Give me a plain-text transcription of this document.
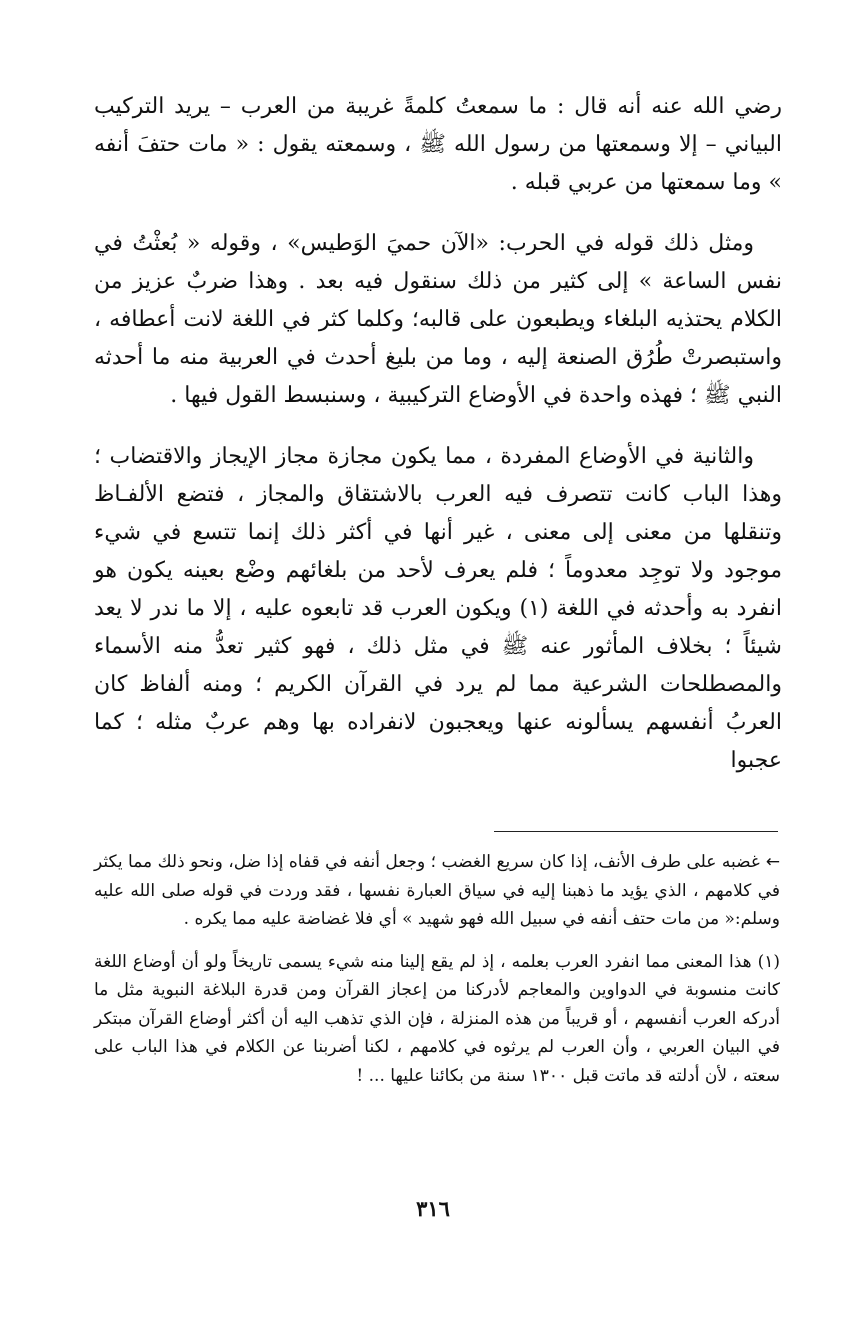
رضي الله عنه أنه قال : ما سمعتُ كلمةً غريبة من العرب – يريد التركيب البياني – إلا وسمعتها من رسول الله ﷺ ، وسمعته يقول : « مات حتفَ أنفه » وما سمعتها من عربي قبله .

ومثل ذلك قوله في الحرب: «الآن حميَ الوَطيس» ، وقوله « بُعثْتُ في نفس الساعة » إلى كثير من ذلك سنقول فيه بعد . وهذا ضربٌ عزيز من الكلام يحتذيه البلغاء ويطبعون على قالبه؛ وكلما كثر في اللغة لانت أعطافه ، واستبصرتْ طُرُق الصنعة إليه ، وما من بليغ أحدث في العربية منه ما أحدثه النبي ﷺ ؛ فهذه واحدة في الأوضاع التركيبية ، وسنبسط القول فيها .

والثانية في الأوضاع المفردة ، مما يكون مجازة مجاز الإيجاز والاقتضاب ؛ وهذا الباب كانت تتصرف فيه العرب بالاشتقاق والمجاز ، فتضع الألفـاظ وتنقلها من معنى إلى معنى ، غير أنها في أكثر ذلك إنما تتسع في شيء موجود ولا توجِد معدوماً ؛ فلم يعرف لأحد من بلغائهم وضْع بعينه يكون هو انفرد به وأحدثه في اللغة (١) ويكون العرب قد تابعوه عليه ، إلا ما ندر لا يعد شيئاً ؛ بخلاف المأثور عنه ﷺ في مثل ذلك ، فهو كثير تعدُّ منه الأسماء والمصطلحات الشرعية مما لم يرد في القرآن الكريم ؛ ومنه ألفاظ كان العربُ أنفسهم يسألونه عنها ويعجبون لانفراده بها وهم عربٌ مثله ؛ كما عجبوا

←غضبه على طرف الأنف، إذا كان سريع الغضب ؛ وجعل أنفه في قفاه إذا ضل، ونحو ذلك مما يكثر في كلامهم ، الذي يؤيد ما ذهبنا إليه في سياق العبارة نفسها ، فقد وردت في قوله صلى الله عليه وسلم:« من مات حتف أنفه في سبيل الله فهو شهيد » أي فلا غضاضة عليه مما يكره .

(١) هذا المعنى مما انفرد العرب بعلمه ، إذ لم يقع إلينا منه شيء يسمى تاريخاً ولو أن أوضاع اللغة كانت منسوبة في الدواوين والمعاجم لأدركنا من إعجاز القرآن ومن قدرة البلاغة النبوية مثل ما أدركه العرب أنفسهم ، أو قريباً من هذه المنزلة ، فإن الذي تذهب اليه أن أكثر أوضاع القرآن مبتكر في البيان العربي ، وأن العرب لم يرثوه في كلامهم ، لكنا أضربنا عن الكلام في هذا الباب على سعته ، لأن أدلته قد ماتت قبل ١٣٠٠ سنة من بكائنا عليها ... !

٣١٦
